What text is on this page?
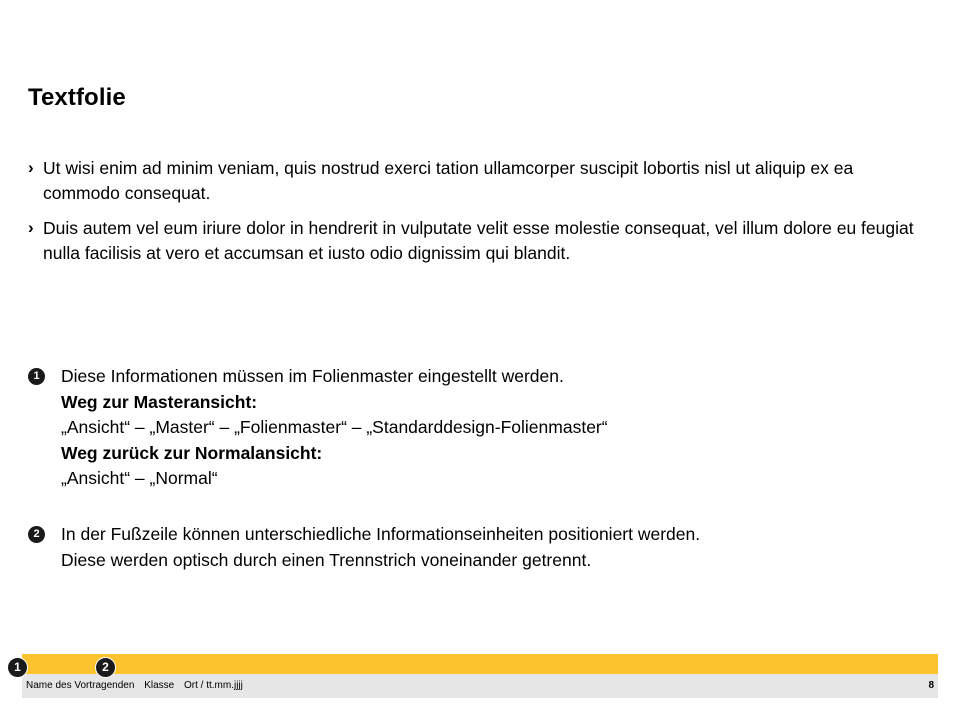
Textfolie
› Ut wisi enim ad minim veniam, quis nostrud exerci tation ullamcorper suscipit lobortis nisl ut aliquip ex ea commodo consequat.
› Duis autem vel eum iriure dolor in hendrerit in vulputate velit esse molestie consequat, vel illum dolore eu feugiat nulla facilisis at vero et accumsan et iusto odio dignissim qui blandit.
1	Diese Informationen müssen im Folienmaster eingestellt werden.
Weg zur Masteransicht:
„Ansicht“ – „Master“ – „Folienmaster“ – „Standarddesign-Folienmaster“
Weg zurück zur Normalansicht:
„Ansicht“ – „Normal“
2	In der Fußzeile können unterschiedliche Informationseinheiten positioniert werden.
Diese werden optisch durch einen Trennstrich voneinander getrennt.
1	2
Name des Vortragenden Klasse Ort / tt.mm.jjjj	8
